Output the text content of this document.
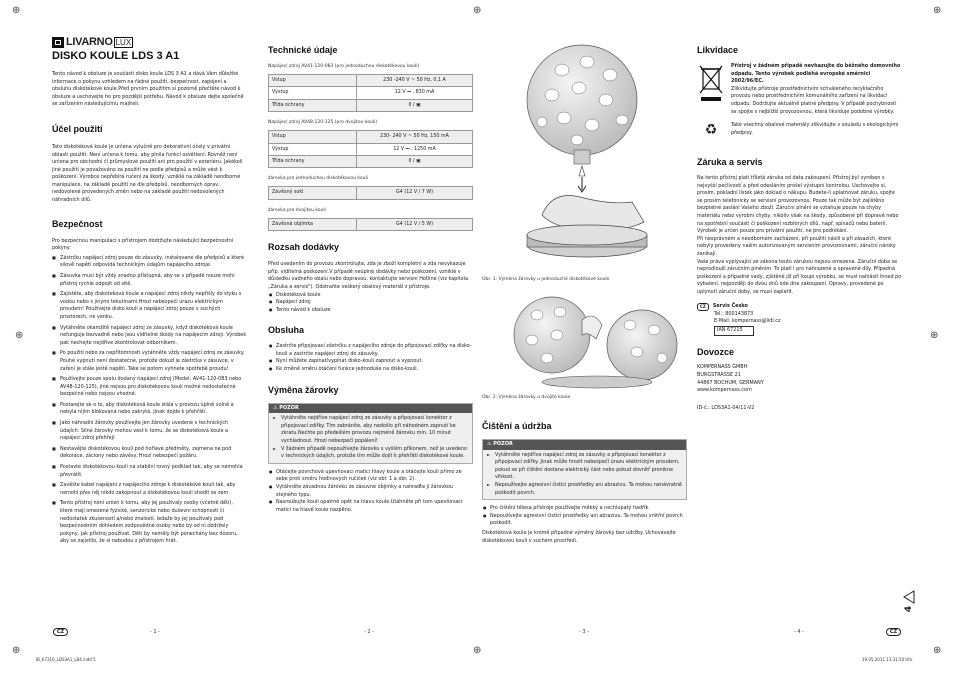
⊕	⊕	⊕
⊕	⊕
⊕
⊕	⊕
LIVARNO LUX
DISKO KOULE LDS 3 A1

Tento návod k obsluze je součástí disko koule LDS 3 A1 a dává Vám důležité informace o pokynu vzhledem na řádné použití, bezpečnost, zapojení a obsluhu diskotékové koule.Před prvním použitím si pozorně přečtěte návod k obsluze a uschovejte ho pro pozdější potřebu. Návod k obsluze dejte společně se zařízením následujícímu majiteli.

Účel použití

Tato diskotéková koule je určena výlučně pro dekorativní účely v privátní oblasti použití. Není určena k tomu, aby plnila funkci osvětlení. Rovněž není určena pro obchodní či průmyslové použití ani pro použití v exteriéru. Jakékoli jiné použití je považováno za použití ne podle předpisů a může vést k poškození. Výrobce nepřebírá ručení za škody, vzniklé na základě neodborné manipulace, na základě použití ne dle předpisů, neodborných oprav, nedovolené provedených změn nebo na základě použití nedovolených náhradních dílů.

Bezpečnost

Pro bezpečnou manipulaci s přístrojem dodržujte následující bezpečnostní pokyny:

■ Zástrčku napájecí zdroj pouze do zásuvky, instalované dle předpisů a které silově napětí odpovídá technickým údajům napájecího zdroje.
■ Zásuvka musí být vždy snadno přístupná, aby se v případě nouze mohl přístroj rychle odpojit od sítě.
■ Zajistěte, aby diskoteková koule a napájecí zdroj nikdy nepřišly do styku s vodou nebo s jinými tekutinami.Hrozí nebezpečí úrazu elektrickým proudem! Používejte disko kouli a napájecí zdroj pouze v suchých prostorech, ne venku.
■ Vytáhněte okamžitě napájecí zdroj ze zásuvky, když diskotéková koule nefunguje bezvadně nebo jsou viditelné škody na napájecím zdroji. Výrobek pak nechejte nejdříve zkontrolovat odborníkem.
■ Po použití nebo za nepřítomnosti vytáhněte vždy napájecí zdroj ze zásuvky. Pouhé vypnutí není dostatečné, protože dokud je zástrčka v zásuvce, v zaření je stále ještě napětí. Také se potom vyhnete spotřebě proudu!
■ Používejte pouze spolu dodaný napájecí zdroj (Model: AV41-120-083 nebo AV48-120-125), jiné nejsou pro diskotékovou kouli možné nedostatečné bezpečné nebo nejsou vhodné.
■ Postarejte se o to, aby diskotéková koule stála v provozu úplně volně a nebyla nijim blokovaná nebo zakrytá. Jinak dojde k přehřátí.
■ Jako náhradní žárovky používejte jen žárovky uvedené v technických údajích. Silné žárovky mohou vést k tomu, že se diskotéková koule a napájecí zdroj přehřejí.
■ Nestavějte diskotékovou kouli pod hořlavé předměty, zejména ne pod dekorace, záclony nebo závěsy. Hrozí nebezpečí požáru.
■ Postavte diskotékovou kouli na stabilní rovný podklad tak, aby se nemohla převrátit.
■ Zavěšte kabel napájení z napájecího zdroje k diskotékové kouli tak, aby nemohl přes něj nikdo zakopnout a diskotékovou kouli shodit se zem.
■ Tento přístroj není určen k tomu, aby jej používaly osoby (včetně dětí), které mají omezené fyzické, senzorické nebo duševní schopnosti či nedostatek zkušeností a/nebo znalostí, ledaže by jej používaly pod bezpečnostním dohledem zodpovědné osoby nebo by od ní obdržely pokyny, jak přístroj používat. Děti by neměly být ponechány bez dozoru, aby se zajistilo, že si nebudou s přístrojem hrát.
Technické údaje
Napájecí zdroj AV41-120-083 (pro jednoduchou diskotékovou kouli)
Vstup	230 -240 V ~ 50 Hz, 0,1 A
Výstup	12 V ⎓ , 830 mA
Třída ochrany	II / ▣
Napájecí zdroj AV48-120-125 (pro dvojitou kouli)
Vstup	230- 240 V ~ 50 Hz, 150 mA
Výstup	12 V ⎓ , 1250 mA
Třída ochrany	II / ▣
žárovka pro jednoduchou diskotékovou kouli
Závěsný sokl	G4 (12 V / 7 W)
žárovka pro dvojitou kouli
Závěsná objímka	G4 (12 V / 5 W)
Rozsah dodávky

Před uvedením do provozu zkontrolujte, zda je zboží kompletní a zda nevykazuje příp. viditelná poškození.V případě neúplné dodávky nebo poškození, vzniklé v důsledku vadného obalu nebo dopravou, kontaktujte servisní Hotline (viz kapitola „Záruka a servis"). Odstraňte veškerý obalový materiál z přístroje.

● Diskotéková koule
● Napájecí zdroj
● Tento návod k obsluze
Obsluha
● Zastrčte připojovací zástrčku z napájecího zdroje do připojovací zdířky na disko-kouli a zastrčte napájecí zdroj do zásuvky.
● Nyní můžete zapínat/vypínat disko-kouli zapnout a vypnout.
● Ke změně směru otáčení funkce jednoduše na disko-kouli.
Výměna žárovky
⚠ POZOR
► Vytáhněte nejdříve napájecí zdroj ze zásuvky a připojovací konektor z připojovací zdířky. Tím zabráníte, aby nedošlo při náhodném zapnutí ke zkratu.Nechte po předešlém provozu nejméně žárovku min. 10 minut vychladnout. Hrozí nebezpečí popálení!
► V žádném případě nepoužívejte žárovku s vyšším příkonem, než je uvedeno v technických údajích, protože tím může dojít k přehřátí diskotékové koule.
● Otáčejte povrchová upevňovací matici hlavy koule a otáčejte kouli přímo ze sebe proti směru hodinových ručiček (viz obr. 1 a obr. 2).
● Vytáhněte závadnou žárovku ze zásuvné objímky a nahraďte ji žárovkou stejného typu.
● Nasroubujte kouli opatrně opět na hlavu koule.Utáhněte při tom upevňovací matici na hlavě koule nazpěno.
Obr. 1: Výměna žárovky u jednoduché diskotékové koule
Obr. 2: Výměna žárovky u dvojité koule
Čištění a údržba
⚠ POZOR
► Vytáhněte nejdříve napájecí zdroj ze zásuvky a připojovací konektor z připojovací zdířky. Jinak může hrozit nebezpečí úrazu elektrickým proudem, pokud se při čištění dostane elektrický část nebo pokud dovnitř pronikne vlhkost.
► Nepoužívejte agresivní čisticí prostředky ani abrazivu. Ta mohou nenávratně poškodit povrch.
● Pro čištění tělesa přístroje používejte měkký a nechlupatý hadřík.
● Nepoužívejte agresivní čisticí prostředky ani abrazivu. Ta mohou vnitřní povrch poškodit.

Diskotéková koule je kromě případné výměny žárovky bez údržby. Uchovávejte diskotékovou kouli v suchém prostředí.

Likvidace

Přístroj v žádném případě nevhazujte do běžného domovního odpadu. Tento výrobek podléhá evropské směrnici 2002/96/EC.

Zlikvidujte přístroje prostřednictvím schváleného recyklačního provozu nebo prostřednictvím komunálního zařízení na likvidaci odpadu. Dodržujte aktuálně platné předpisy. V případě pochybností se spojte s nejbližší provozovnou, která likviduje podobné výrobky.

♻	Také všechny obalové materiály zlikvidujte v souladu s ekologickými předpisy.

Záruka a servis

Na tento přístroj platí tříletá záruka od data zakoupení. Přístroj byl vyroben s nejvyšší pečlivostí a před odesláním prošel výstupní kontrolou. Uschovejte si, prosím, pokladní lístek jako doklad o nákupu. Budete-li uplatňovat záruku, spojte se prosím telefonicky se servisní provozovnou. Pouze tak může být zajištěno bezplatné zaslání Vašeho zboží. Záruční plnění se vztahuje pouze na chyby materiálu nebo výrobní chyby, nikoliv však na škody, způsobené při dopravě nebo na spotřební součásti či poškození rozbitných dílů, např. spínačů nebo baterií. Výrobek je určen pouze pro privátní použití, ne pro podnikání.

Při nesprávném a neodborném zacházení, při použití násilí a při zásazích, které nebyly provedeny naším autorizovaným servisním provozovnami, záruční nároky zanikají.

Vaše práva vyplývající ze zákona touto zárukou nejsou omezena. Záruční doba se neprodlouží záručním plněním. To platí i pro nahrazené a opravené díly. Případná poškození a případné vady, zjištěné již při koupi výrobku, se musí nahlásit ihned po vybalení, nejpozději do dvou dnů ode dne zakoupení. Opravy, provedené po uplynutí záruční doby, se musí zaplatit.

CZ	Servis Česko
Tel.: 800143873
E-Mail: kompernass@lidl.cz
IAN 67215
Dovozce
KOMPERNASS GMBH
BURGSTRASSE 21
44867 BOCHUM, GERMANY
www.kompernass.com
ID-č.: LDS3A1-04/11-V2
4
CZ	CZ
- 1 -	- 2 -	- 3 -	- 4 -
IB_67316_LDS3A1_LB4.indd 5	19.05.2011 13:31:50 Uhr
